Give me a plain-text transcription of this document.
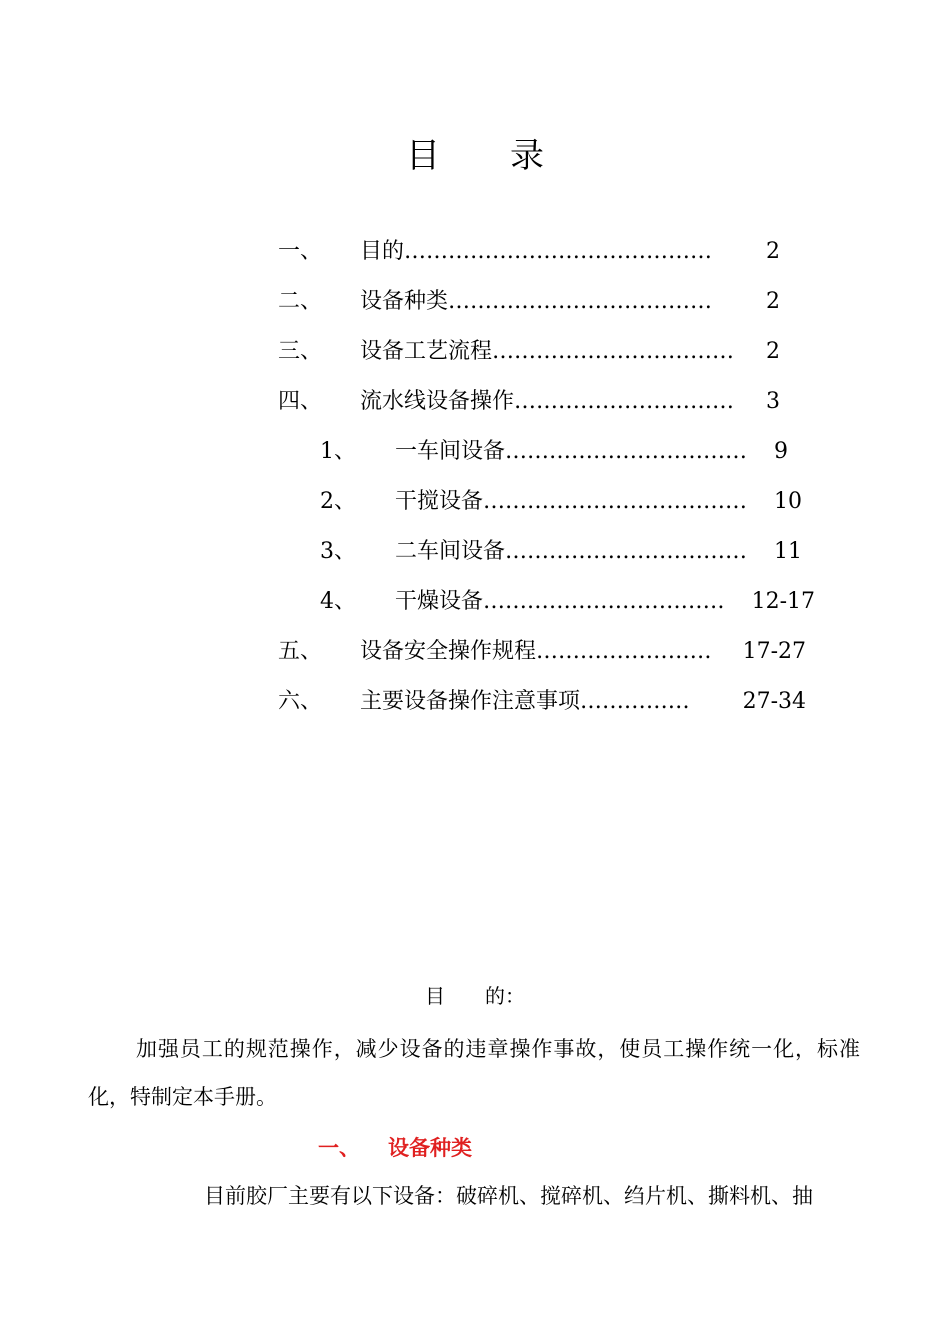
目 录
一、 目的 ……………………………………	2
二、 设备种类 ………………………………	2
三、 设备工艺流程 ……………………………	2
四、 流水线设备操作 …………………………	3
1、 一车间设备 ……………………………	9
2、 干搅设备 ………………………………	10
3、 二车间设备 ……………………………	11
4、 干燥设备 ……………………………	12-17
五、 设备安全操作规程 ……………………	17-27
六、 主要设备操作注意事项 ……………	27-34
目 的：
加强员工的规范操作，减少设备的违章操作事故，使员工操作统一化，标准化，特制定本手册。
一、 设备种类
目前胶厂主要有以下设备：破碎机、搅碎机、绉片机、撕料机、抽
